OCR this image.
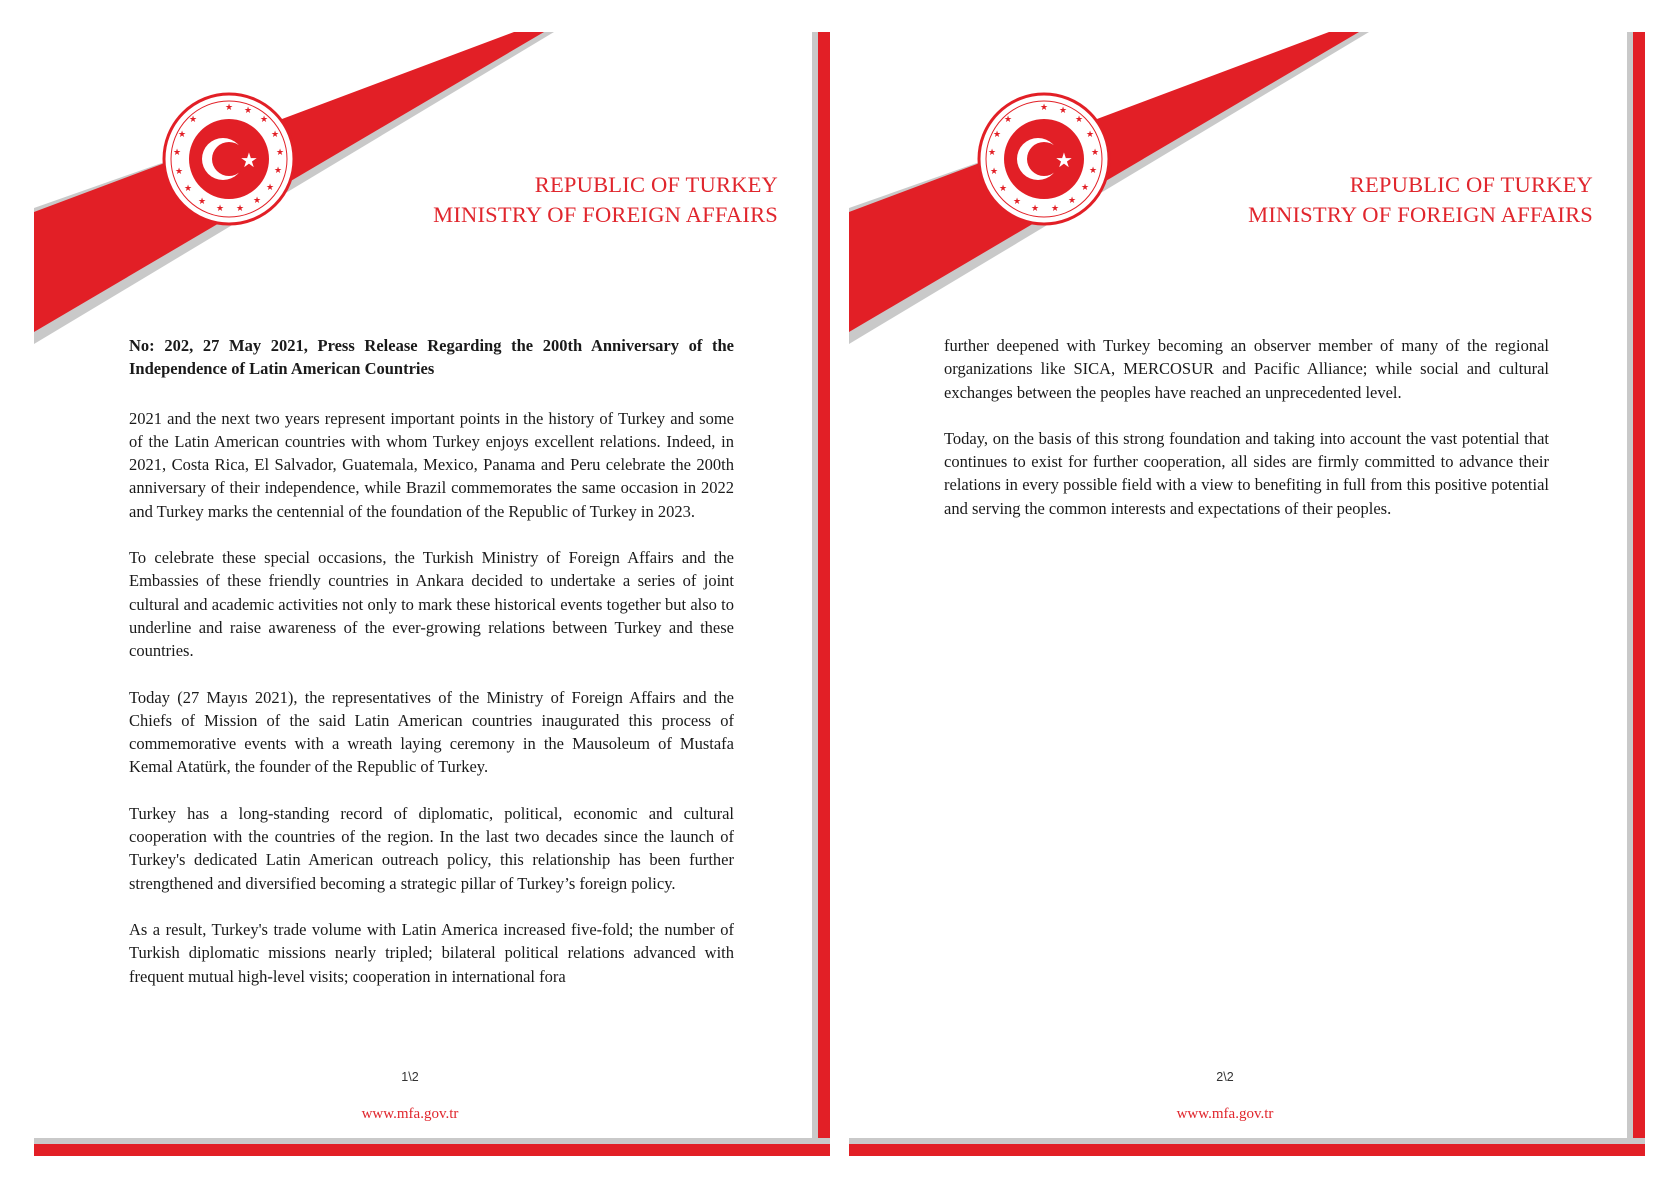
★ ★
★
★
★
★
★
★
★
★
★
★
★
★
★
★
★
REPUBLIC OF TURKEY
MINISTRY OF FOREIGN AFFAIRS

No: 202, 27 May 2021, Press Release Regarding the 200th Anniversary of the Independence of Latin American Countries

2021 and the next two years represent important points in the history of Turkey and some of the Latin American countries with whom Turkey enjoys excellent relations. Indeed, in 2021, Costa Rica, El Salvador, Guatemala, Mexico, Panama and Peru celebrate the 200th anniversary of their independence, while Brazil commemorates the same occasion in 2022 and Turkey marks the centennial of the foundation of the Republic of Turkey in 2023.

To celebrate these special occasions, the Turkish Ministry of Foreign Affairs and the Embassies of these friendly countries in Ankara decided to undertake a series of joint cultural and academic activities not only to mark these historical events together but also to underline and raise awareness of the ever-growing relations between Turkey and these countries.

Today (27 Mayıs 2021), the representatives of the Ministry of Foreign Affairs and the Chiefs of Mission of the said Latin American countries inaugurated this process of commemorative events with a wreath laying ceremony in the Mausoleum of Mustafa Kemal Atatürk, the founder of the Republic of Turkey.

Turkey has a long-standing record of diplomatic, political, economic and cultural cooperation with the countries of the region. In the last two decades since the launch of Turkey's dedicated Latin American outreach policy, this relationship has been further strengthened and diversified becoming a strategic pillar of Turkey’s foreign policy.

As a result, Turkey's trade volume with Latin America increased five-fold; the number of Turkish diplomatic missions nearly tripled; bilateral political relations advanced with frequent mutual high-level visits; cooperation in international fora

1\2
www.mfa.gov.tr
★ ★
★
★
★
★
★
★
★
★
★
★
★
★
★
★
★
REPUBLIC OF TURKEY
MINISTRY OF FOREIGN AFFAIRS

further deepened with Turkey becoming an observer member of many of the regional organizations like SICA, MERCOSUR and Pacific Alliance; while social and cultural exchanges between the peoples have reached an unprecedented level.

Today, on the basis of this strong foundation and taking into account the vast potential that continues to exist for further cooperation, all sides are firmly committed to advance their relations in every possible field with a view to benefiting in full from this positive potential and serving the common interests and expectations of their peoples.

2\2
www.mfa.gov.tr
